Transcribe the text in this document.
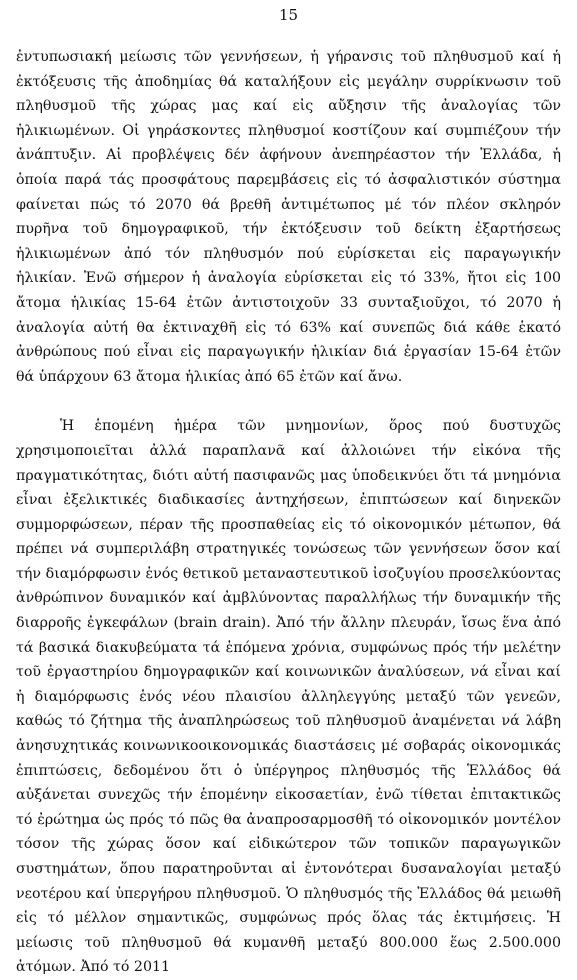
15

ἐντυπωσιακή μείωσις τῶν γεννήσεων, ἡ γήρανσις τοῦ πληθυσμοῦ καί ἡ ἐκτόξευσις τῆς ἀποδημίας θά καταλήξουν εἰς μεγάλην συρρίκνωσιν τοῦ πληθυσμοῦ τῆς χώρας μας καί εἰς αὔξησιν τῆς ἀναλογίας τῶν ἡλικιωμένων. Οἱ γηράσκοντες πληθυσμοί κοστίζουν καί συμπιέζουν τήν ἀνάπτυξιν. Αἱ προβλέψεις δέν ἀφήνουν ἀνεπηρέαστον τήν Ἑλλάδα, ἡ ὁποία παρά τάς προσφάτους παρεμβάσεις εἰς τό ἀσφαλιστικόν σύστημα φαίνεται πώς τό 2070 θά βρεθῆ ἀντιμέτωπος μέ τόν πλέον σκληρόν πυρῆνα τοῦ δημογραφικοῦ, τήν ἐκτόξευσιν τοῦ δείκτη ἐξαρτήσεως ἡλικιωμένων ἀπό τόν πληθυσμόν πού εὑρίσκεται εἰς παραγωγικήν ἡλικίαν. Ἐνῶ σήμερον ἡ ἀναλογία εὑρίσκεται εἰς τό 33%, ἤτοι εἰς 100 ἄτομα ἡλικίας 15-64 ἐτῶν ἀντιστοιχοῦν 33 συνταξιοῦχοι, τό 2070 ἡ ἀναλογία αὐτή θα ἐκτιναχθῆ εἰς τό 63% καί συνεπῶς διά κάθε ἑκατό ἀνθρώπους πού εἶναι εἰς παραγωγικήν ἡλικίαν διά ἐργασίαν 15-64 ἐτῶν θά ὑπάρχουν 63 ἄτομα ἡλικίας ἀπό 65 ἐτῶν καί ἄνω.

Ἡ ἑπομένη ἡμέρα τῶν μνημονίων, ὅρος πού δυστυχῶς χρησιμοποιεῖται ἀλλά παραπλανᾶ καί ἀλλοιώνει τήν εἰκόνα τῆς πραγματικότητας, διότι αὐτή πασιφανῶς μας ὑποδεικνύει ὅτι τά μνημόνια εἶναι ἐξελικτικές διαδικασίες ἀντηχήσεων, ἐπιπτώσεων καί διηνεκῶν συμμορφώσεων, πέραν τῆς προσπαθείας εἰς τό οἰκονομικόν μέτωπον, θά πρέπει νά συμπεριλάβη στρατηγικές τονώσεως τῶν γεννήσεων ὅσον καί τήν διαμόρφωσιν ἑνός θετικοῦ μεταναστευτικοῦ ἰσοζυγίου προσελκύοντας ἀνθρώπινον δυναμικόν καί ἀμβλύνοντας παραλλήλως τήν δυναμικήν τῆς διαρροῆς ἐγκεφάλων (brain drain). Ἀπό τήν ἄλλην πλευράν, ἴσως ἕνα ἀπό τά βασικά διακυβεύματα τά ἑπόμενα χρόνια, συμφώνως πρός τήν μελέτην τοῦ ἐργαστηρίου δημογραφικῶν καί κοινωνικῶν ἀναλύσεων, νά εἶναι καί ἡ διαμόρφωσις ἑνός νέου πλαισίου ἀλληλεγγύης μεταξύ τῶν γενεῶν, καθώς τό ζήτημα τῆς ἀναπληρώσεως τοῦ πληθυσμοῦ ἀναμένεται νά λάβη ἀνησυχητικάς κοινωνικοοικονομικάς διαστάσεις μέ σοβαράς οἰκονομικάς ἐπιπτώσεις, δεδομένου ὅτι ὁ ὑπέργηρος πληθυσμός τῆς Ἑλλάδος θά αὐξάνεται συνεχῶς τήν ἑπομένην εἰκοσαετίαν, ἐνῶ τίθεται ἐπιτακτικῶς τό ἐρώτημα ὡς πρός τό πῶς θα ἀναπροσαρμοσθῆ τό οἰκονομικόν μοντέλον τόσον τῆς χώρας ὅσον καί εἰδικώτερον τῶν τοπικῶν παραγωγικῶν συστημάτων, ὅπου παρατηροῦνται αἱ ἐντονότεραι δυσαναλογίαι μεταξύ νεοτέρου καί ὑπεργήρου πληθυσμοῦ. Ὁ πληθυσμός τῆς Ἑλλάδος θά μειωθῆ εἰς τό μέλλον σημαντικῶς, συμφώνως πρός ὅλας τάς ἐκτιμήσεις. Ἡ μείωσις τοῦ πληθυσμοῦ θά κυμανθῆ μεταξύ 800.000 ἕως 2.500.000 ἀτόμων. Ἀπό τό 2011
